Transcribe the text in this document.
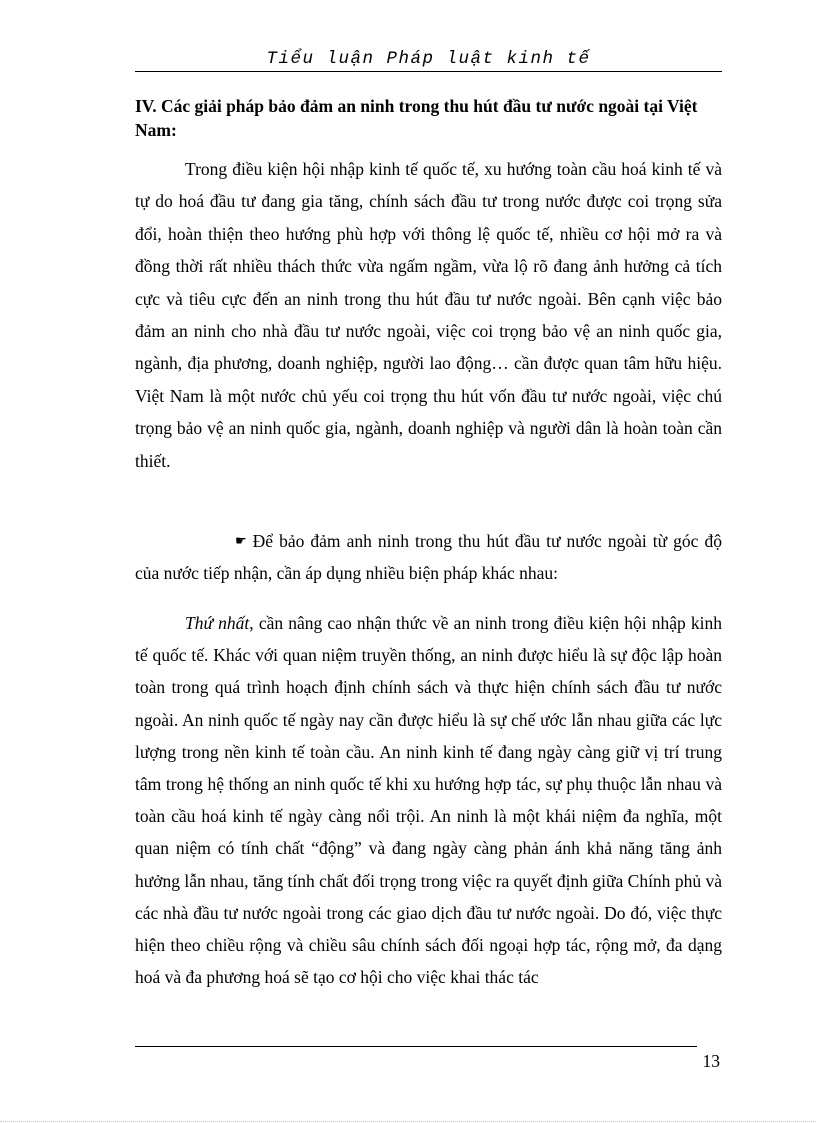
Tiểu luận Pháp luật kinh tế
IV. Các giải pháp bảo đảm an ninh trong thu hút đầu tư nước ngoài tại Việt Nam:

Trong điều kiện hội nhập kinh tế quốc tế, xu hướng toàn cầu hoá kinh tế và tự do hoá đầu tư đang gia tăng, chính sách đầu tư trong nước được coi trọng sửa đổi, hoàn thiện theo hướng phù hợp với thông lệ quốc tế, nhiều cơ hội mở ra và đồng thời rất nhiều thách thức vừa ngấm ngầm, vừa lộ rõ đang ảnh hưởng cả tích cực và tiêu cực đến an ninh trong thu hút đầu tư nước ngoài. Bên cạnh việc bảo đảm an ninh cho nhà đầu tư nước ngoài, việc coi trọng bảo vệ an ninh quốc gia, ngành, địa phương, doanh nghiệp, người lao động… cần được quan tâm hữu hiệu. Việt Nam là một nước chủ yếu coi trọng thu hút vốn đầu tư nước ngoài, việc chú trọng bảo vệ an ninh quốc gia, ngành, doanh nghiệp và người dân là hoàn toàn cần thiết.

☛ Để bảo đảm anh ninh trong thu hút đầu tư nước ngoài từ góc độ của nước tiếp nhận, cần áp dụng nhiều biện pháp khác nhau:

Thứ nhất, cần nâng cao nhận thức về an ninh trong điều kiện hội nhập kinh tế quốc tế. Khác với quan niệm truyền thống, an ninh được hiểu là sự độc lập hoàn toàn trong quá trình hoạch định chính sách và thực hiện chính sách đầu tư nước ngoài. An ninh quốc tế ngày nay cần được hiểu là sự chế ước lẫn nhau giữa các lực lượng trong nền kinh tế toàn cầu. An ninh kinh tế đang ngày càng giữ vị trí trung tâm trong hệ thống an ninh quốc tế khi xu hướng hợp tác, sự phụ thuộc lẫn nhau và toàn cầu hoá kinh tế ngày càng nổi trội. An ninh là một khái niệm đa nghĩa, một quan niệm có tính chất “động” và đang ngày càng phản ánh khả năng tăng ảnh hưởng lẫn nhau, tăng tính chất đối trọng trong việc ra quyết định giữa Chính phủ và các nhà đầu tư nước ngoài trong các giao dịch đầu tư nước ngoài. Do đó, việc thực hiện theo chiều rộng và chiều sâu chính sách đối ngoại hợp tác, rộng mở, đa dạng hoá và đa phương hoá sẽ tạo cơ hội cho việc khai thác tác

13
